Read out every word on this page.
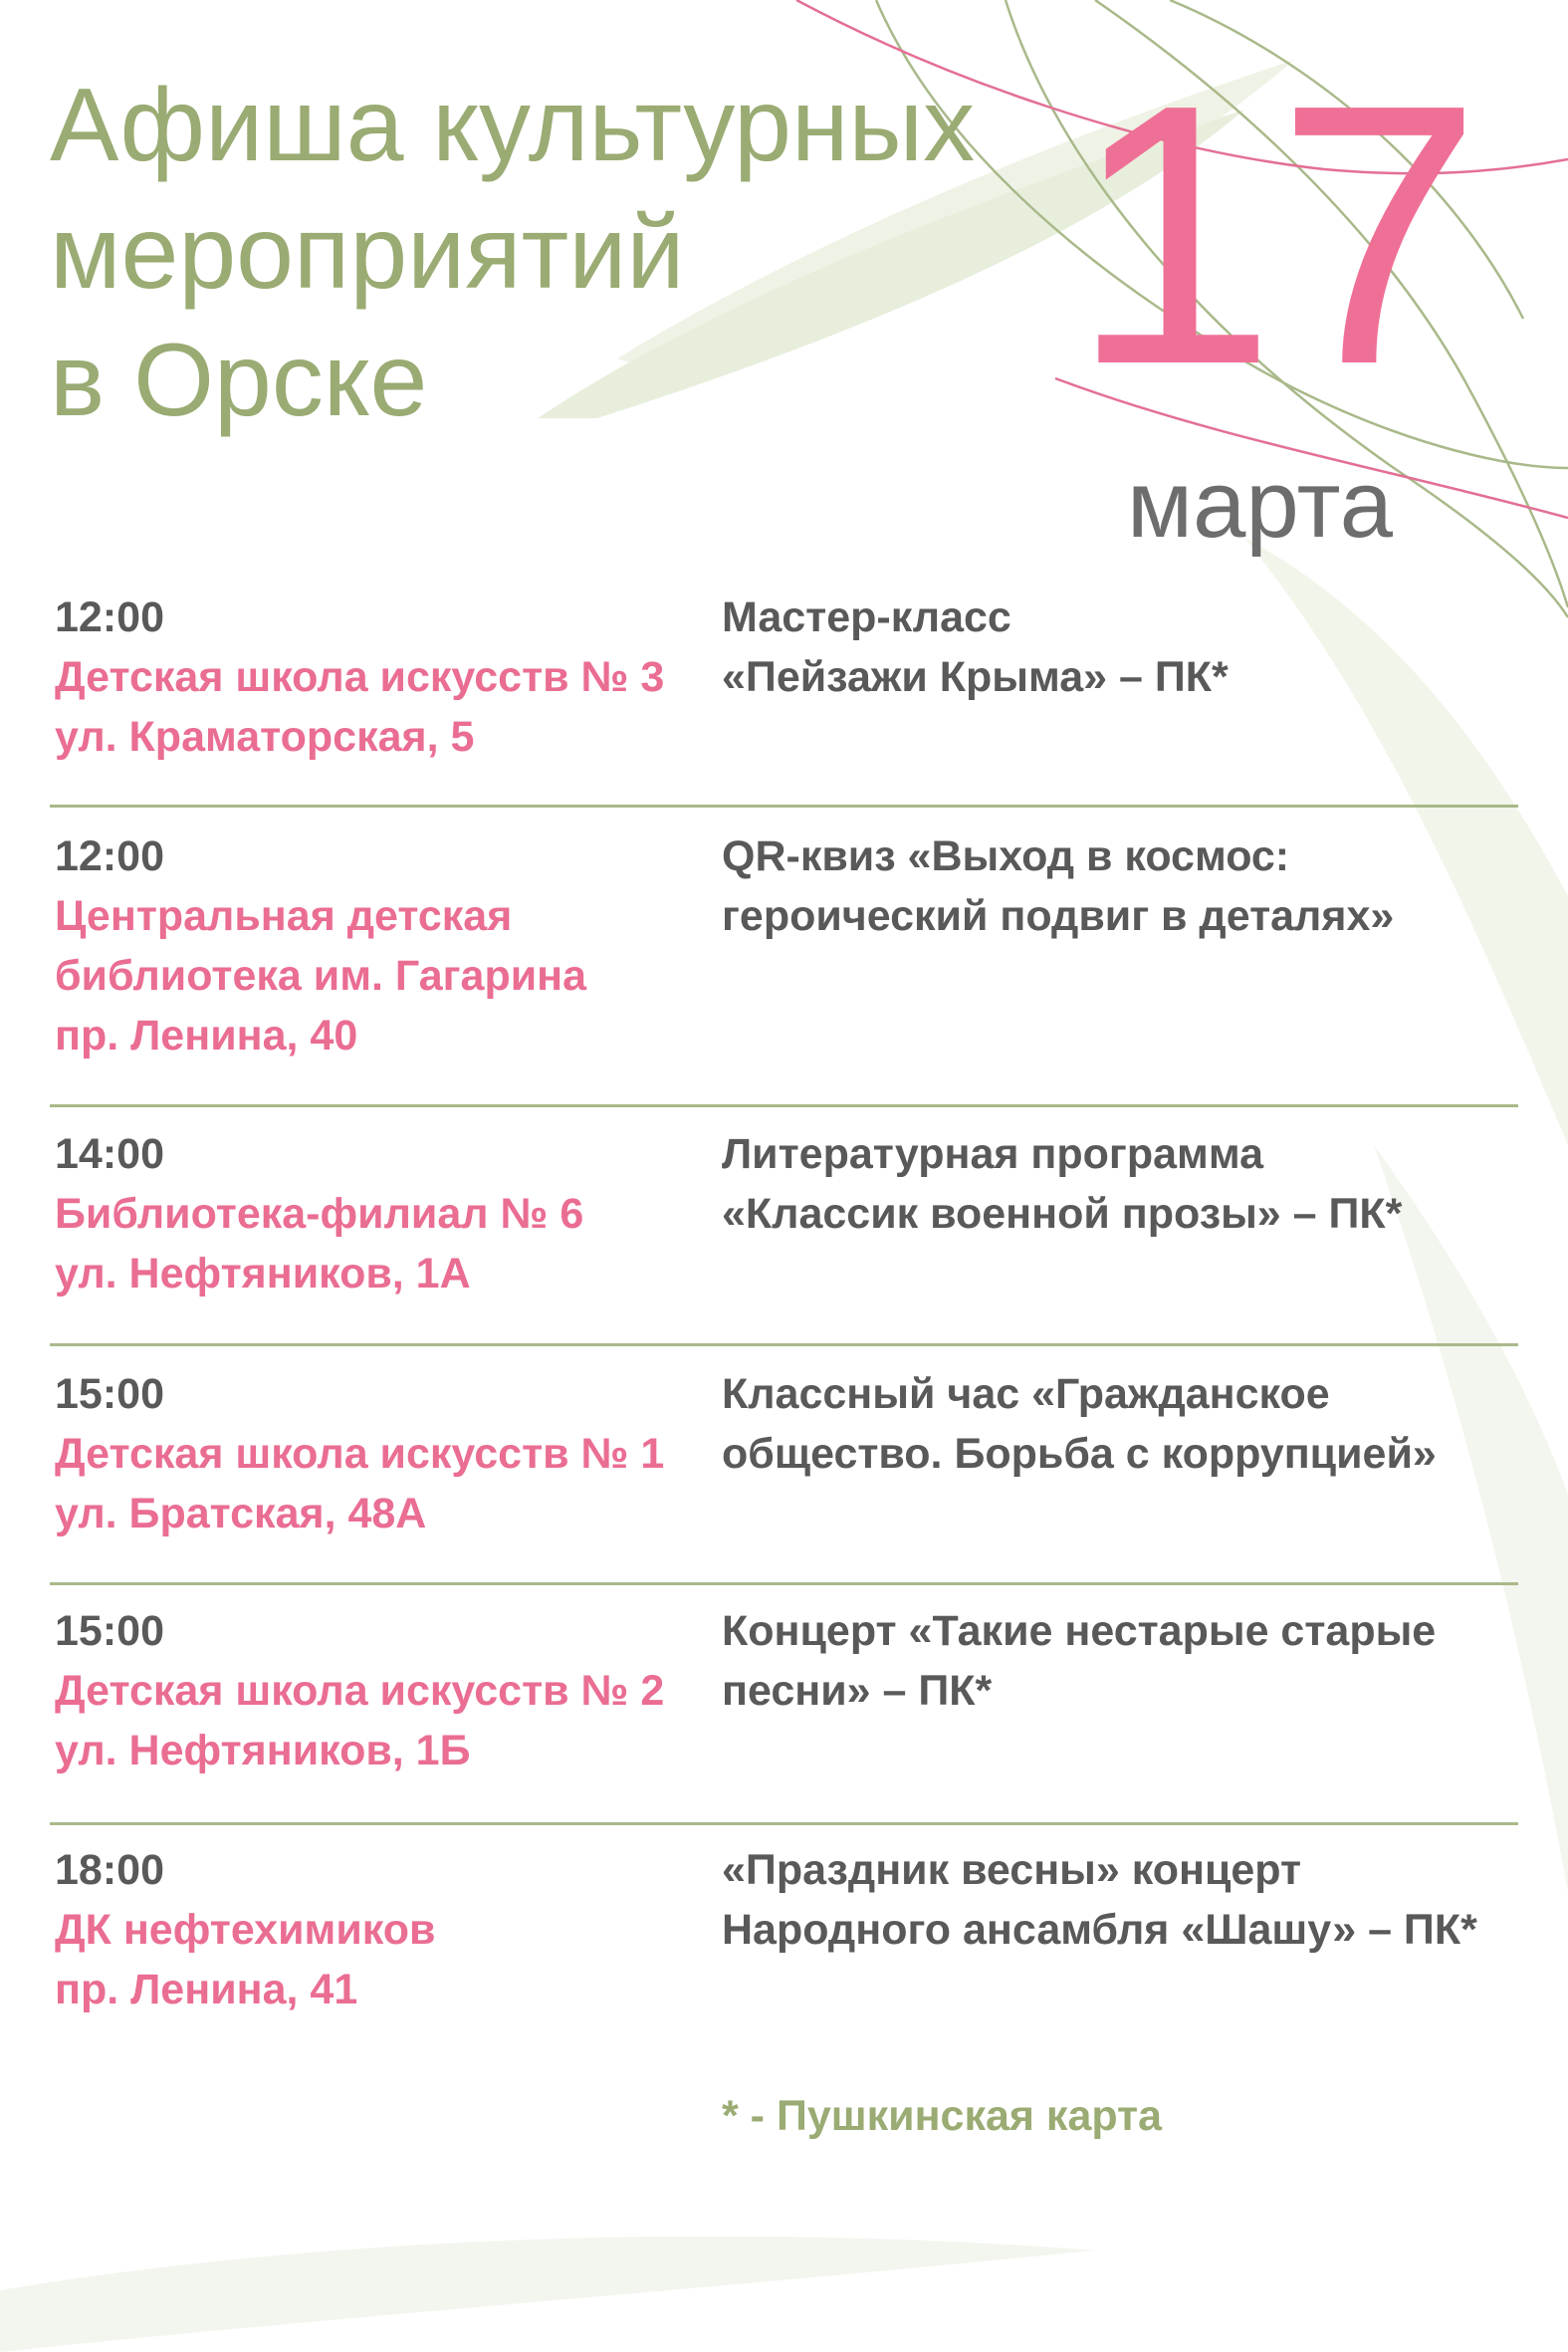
Афиша культурных
мероприятий
в Орске	17
марта
12:00
Детская школа искусств № 3
ул. Краматорская, 5
Мастер-класс
«Пейзажи Крыма» – ПК*
12:00
Центральная детская
библиотека им. Гагарина
пр. Ленина, 40
QR-квиз «Выход в космос:
героический подвиг в деталях»
14:00
Библиотека-филиал № 6
ул. Нефтяников, 1А
Литературная программа
«Классик военной прозы» – ПК*
15:00
Детская школа искусств № 1
ул. Братская, 48А
Классный час «Гражданское
общество. Борьба с коррупцией»
15:00
Детская школа искусств № 2
ул. Нефтяников, 1Б
Концерт «Такие нестарые старые
песни» – ПК*
18:00
ДК нефтехимиков
пр. Ленина, 41
«Праздник весны» концерт
Народного ансамбля «Шашу» – ПК*
* - Пушкинская карта
